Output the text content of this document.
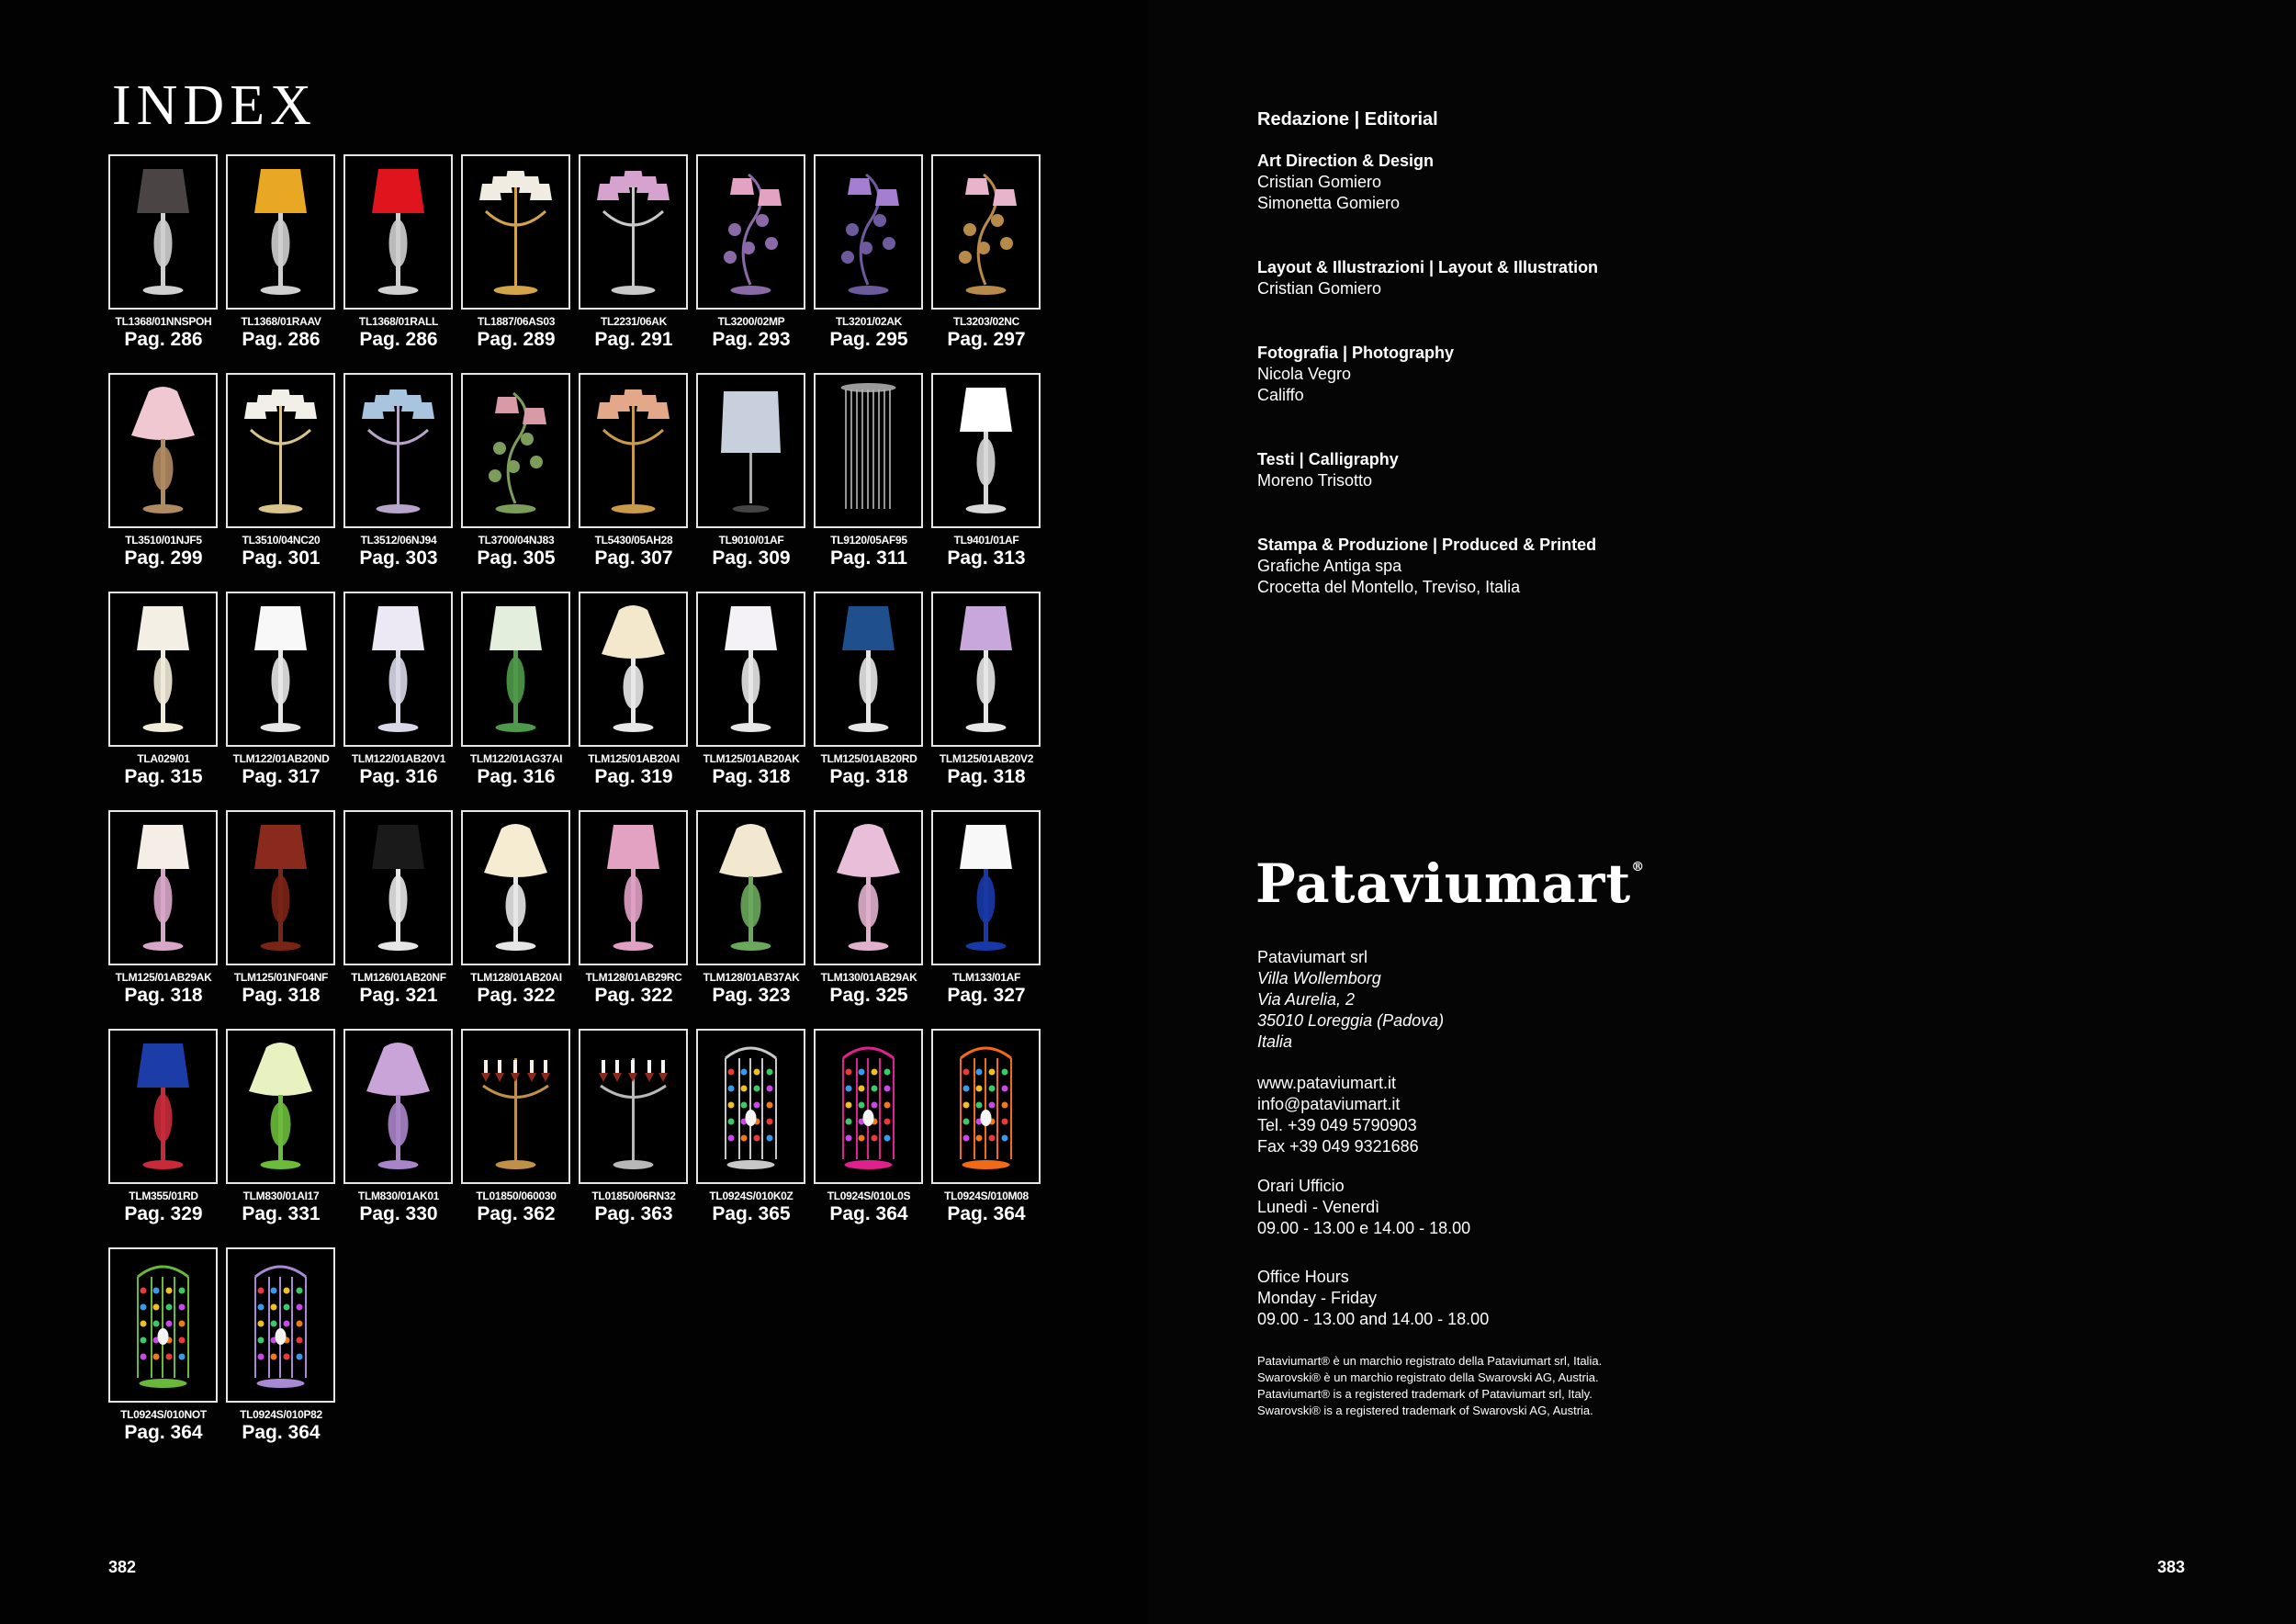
INDEX
TL1368/01NNSPOH
Pag. 286
TL1368/01RAAV
Pag. 286
TL1368/01RALL
Pag. 286
TL1887/06AS03
Pag. 289
TL2231/06AK
Pag. 291
TL3200/02MP
Pag. 293
TL3201/02AK
Pag. 295
TL3203/02NC
Pag. 297
TL3510/01NJF5
Pag. 299
TL3510/04NC20
Pag. 301
TL3512/06NJ94
Pag. 303
TL3700/04NJ83
Pag. 305
TL5430/05AH28
Pag. 307
TL9010/01AF
Pag. 309
TL9120/05AF95
Pag. 311
TL9401/01AF
Pag. 313
TLA029/01
Pag. 315
TLM122/01AB20ND
Pag. 317
TLM122/01AB20V1
Pag. 316
TLM122/01AG37AI
Pag. 316
TLM125/01AB20AI
Pag. 319
TLM125/01AB20AK
Pag. 318
TLM125/01AB20RD
Pag. 318
TLM125/01AB20V2
Pag. 318
TLM125/01AB29AK
Pag. 318
TLM125/01NF04NF
Pag. 318
TLM126/01AB20NF
Pag. 321
TLM128/01AB20AI
Pag. 322
TLM128/01AB29RC
Pag. 322
TLM128/01AB37AK
Pag. 323
TLM130/01AB29AK
Pag. 325
TLM133/01AF
Pag. 327
TLM355/01RD
Pag. 329
TLM830/01AI17
Pag. 331
TLM830/01AK01
Pag. 330
TL01850/060030
Pag. 362
TL01850/06RN32
Pag. 363
TL0924S/010K0Z
Pag. 365
TL0924S/010L0S
Pag. 364
TL0924S/010M08
Pag. 364
TL0924S/010NOT
Pag. 364
TL0924S/010P82
Pag. 364
382	383
Redazione | Editorial
Art Direction & Design
Cristian Gomiero
Simonetta Gomiero
Layout & Illustrazioni | Layout & Illustration
Cristian Gomiero
Fotografia | Photography
Nicola Vegro
Califfo
Testi | Calligraphy
Moreno Trisotto
Stampa & Produzione | Produced & Printed
Grafiche Antiga spa
Crocetta del Montello, Treviso, Italia
Pataviumart®
Pataviumart srl
Villa Wollemborg
Via Aurelia, 2
35010 Loreggia (Padova)
Italia
www.pataviumart.it
info@pataviumart.it
Tel. +39 049 5790903
Fax +39 049 9321686
Orari Ufficio
Lunedì - Venerdì
09.00 - 13.00 e 14.00 - 18.00
Office Hours
Monday - Friday
09.00 - 13.00 and 14.00 - 18.00
Pataviumart® è un marchio registrato della Pataviumart srl, Italia.
Swarovski® è un marchio registrato della Swarovski AG, Austria.
Pataviumart® is a registered trademark of Pataviumart srl, Italy.
Swarovski® is a registered trademark of Swarovski AG, Austria.
